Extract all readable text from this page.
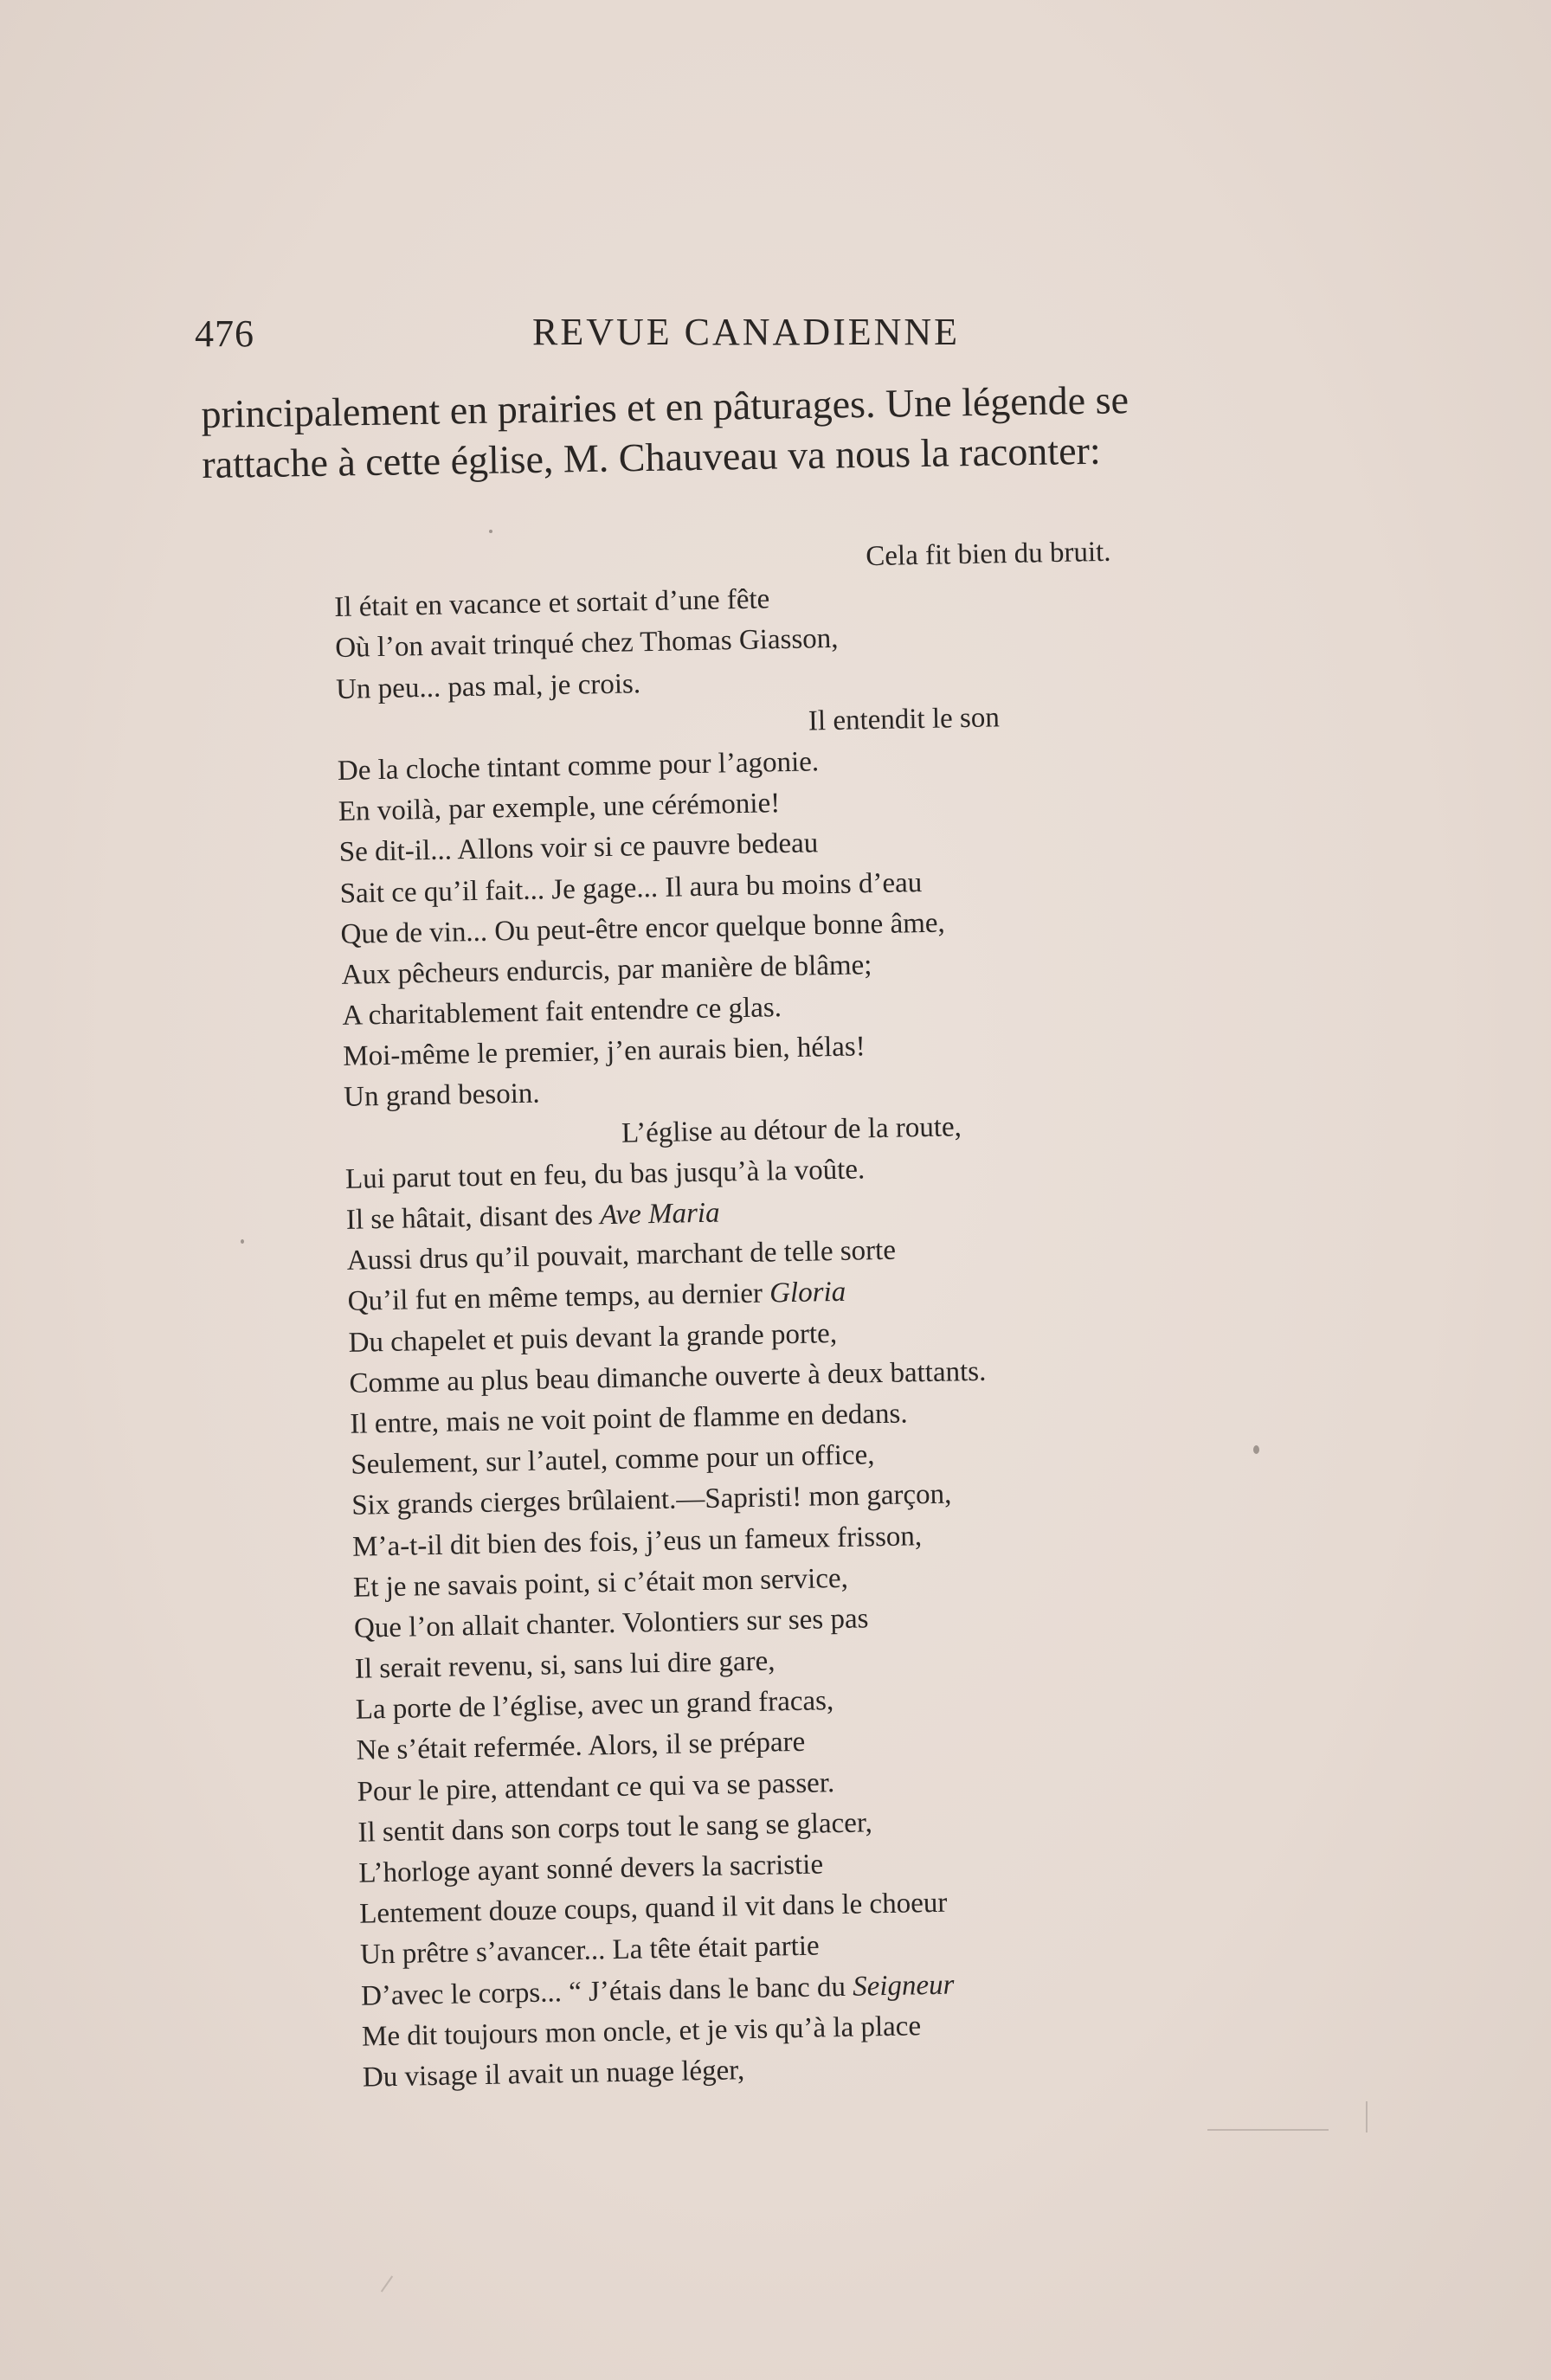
476	REVUE CANADIENNE

principalement en prairies et en pâturages. Une légende se

rattache à cette église, M. Chauveau va nous la raconter:

Cela fit bien du bruit.
Il était en vacance et sortait d’une fête
Où l’on avait trinqué chez Thomas Giasson,
Un peu... pas mal, je crois.
Il entendit le son
De la cloche tintant comme pour l’agonie.
En voilà, par exemple, une cérémonie!
Se dit-il... Allons voir si ce pauvre bedeau
Sait ce qu’il fait... Je gage... Il aura bu moins d’eau
Que de vin... Ou peut-être encor quelque bonne âme,
Aux pêcheurs endurcis, par manière de blâme;
A charitablement fait entendre ce glas.
Moi-même le premier, j’en aurais bien, hélas!
Un grand besoin.
L’église au détour de la route,
Lui parut tout en feu, du bas jusqu’à la voûte.
Il se hâtait, disant des Ave Maria
Aussi drus qu’il pouvait, marchant de telle sorte
Qu’il fut en même temps, au dernier Gloria
Du chapelet et puis devant la grande porte,
Comme au plus beau dimanche ouverte à deux battants.
Il entre, mais ne voit point de flamme en dedans.
Seulement, sur l’autel, comme pour un office,
Six grands cierges brûlaient.—Sapristi! mon garçon,
M’a-t-il dit bien des fois, j’eus un fameux frisson,
Et je ne savais point, si c’était mon service,
Que l’on allait chanter. Volontiers sur ses pas
Il serait revenu, si, sans lui dire gare,
La porte de l’église, avec un grand fracas,
Ne s’était refermée. Alors, il se prépare
Pour le pire, attendant ce qui va se passer.
Il sentit dans son corps tout le sang se glacer,
L’horloge ayant sonné devers la sacristie
Lentement douze coups, quand il vit dans le choeur
Un prêtre s’avancer... La tête était partie
D’avec le corps... “ J’étais dans le banc du Seigneur
Me dit toujours mon oncle, et je vis qu’à la place
Du visage il avait un nuage léger,
